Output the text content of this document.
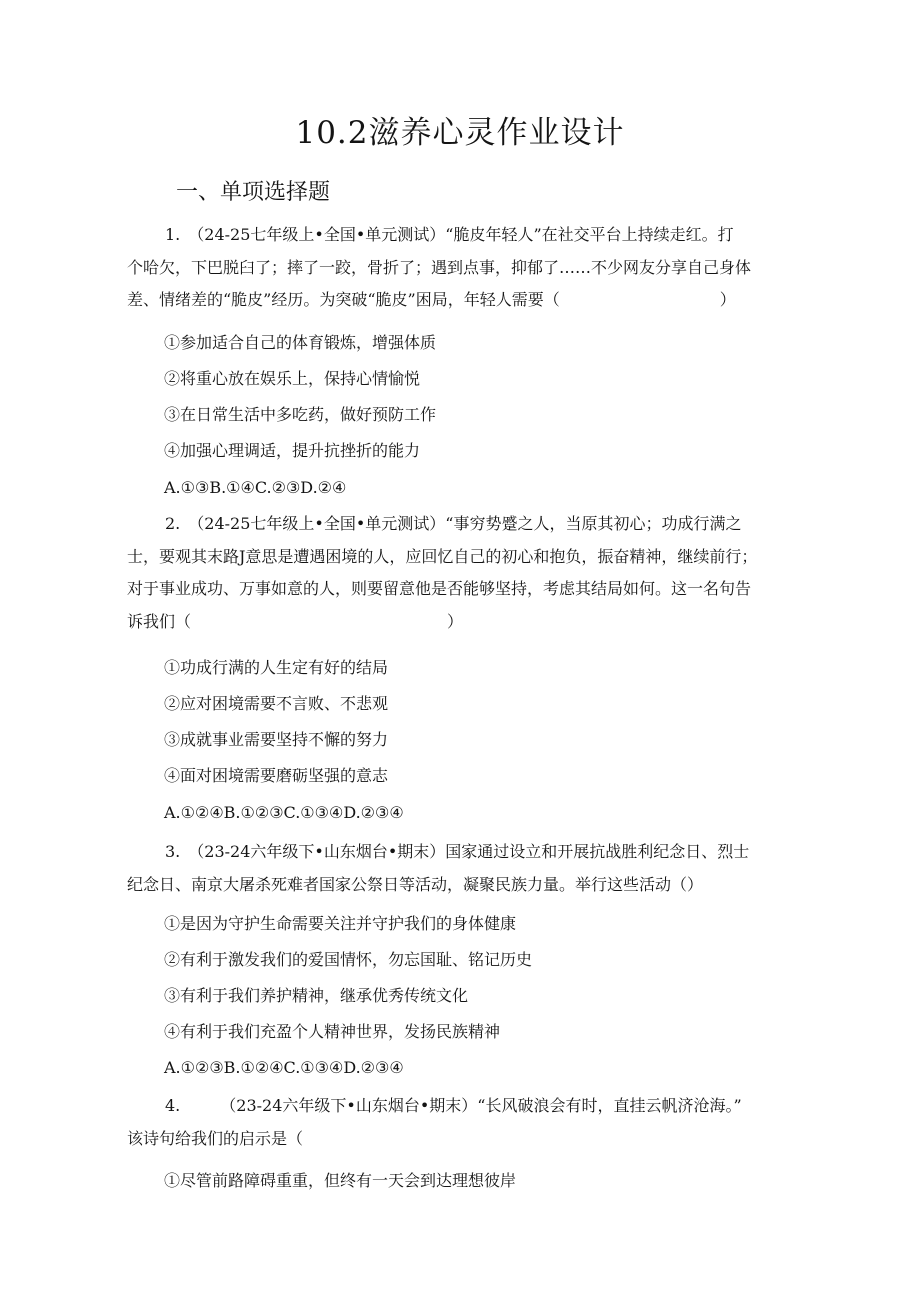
10.2滋养心灵作业设计
一、单项选择题
1.　（24-25七年级上•全国•单元测试）“脆皮年轻人”在社交平台上持续走红。打
个哈欠，下巴脱臼了；摔了一跤，骨折了；遇到点事，抑郁了……不少网友分享自己身体
差、情绪差的“脆皮”经历。为突破“脆皮”困局，年轻人需要（　　　　　　　　　　）
①参加适合自己的体育锻炼，增强体质
②将重心放在娱乐上，保持心情愉悦
③在日常生活中多吃药，做好预防工作
④加强心理调适，提升抗挫折的能力
A.①③B.①④C.②③D.②④
2.　（24-25七年级上•全国•单元测试）“事穷势蹙之人，当原其初心；功成行满之
士，要观其末路J意思是遭遇困境的人，应回忆自己的初心和抱负，振奋精神，继续前行；
对于事业成功、万事如意的人，则要留意他是否能够坚持，考虑其结局如何。这一名句告
诉我们（　　　　　　　　　　　　　　　　）
①功成行满的人生定有好的结局
②应对困境需要不言败、不悲观
③成就事业需要坚持不懈的努力
④面对困境需要磨砺坚强的意志
A.①②④B.①②③C.①③④D.②③④
3.　（23-24六年级下•山东烟台•期末）国家通过设立和开展抗战胜利纪念日、烈士
纪念日、南京大屠杀死难者国家公祭日等活动，凝聚民族力量。举行这些活动（）
①是因为守护生命需要关注并守护我们的身体健康
②有利于激发我们的爱国情怀，勿忘国耻、铭记历史
③有利于我们养护精神，继承优秀传统文化
④有利于我们充盈个人精神世界，发扬民族精神
A.①②③B.①②④C.①③④D.②③④
4.　　　（23-24六年级下•山东烟台•期末）“长风破浪会有时，直挂云帆济沧海。”
该诗句给我们的启示是（
①尽管前路障碍重重，但终有一天会到达理想彼岸
